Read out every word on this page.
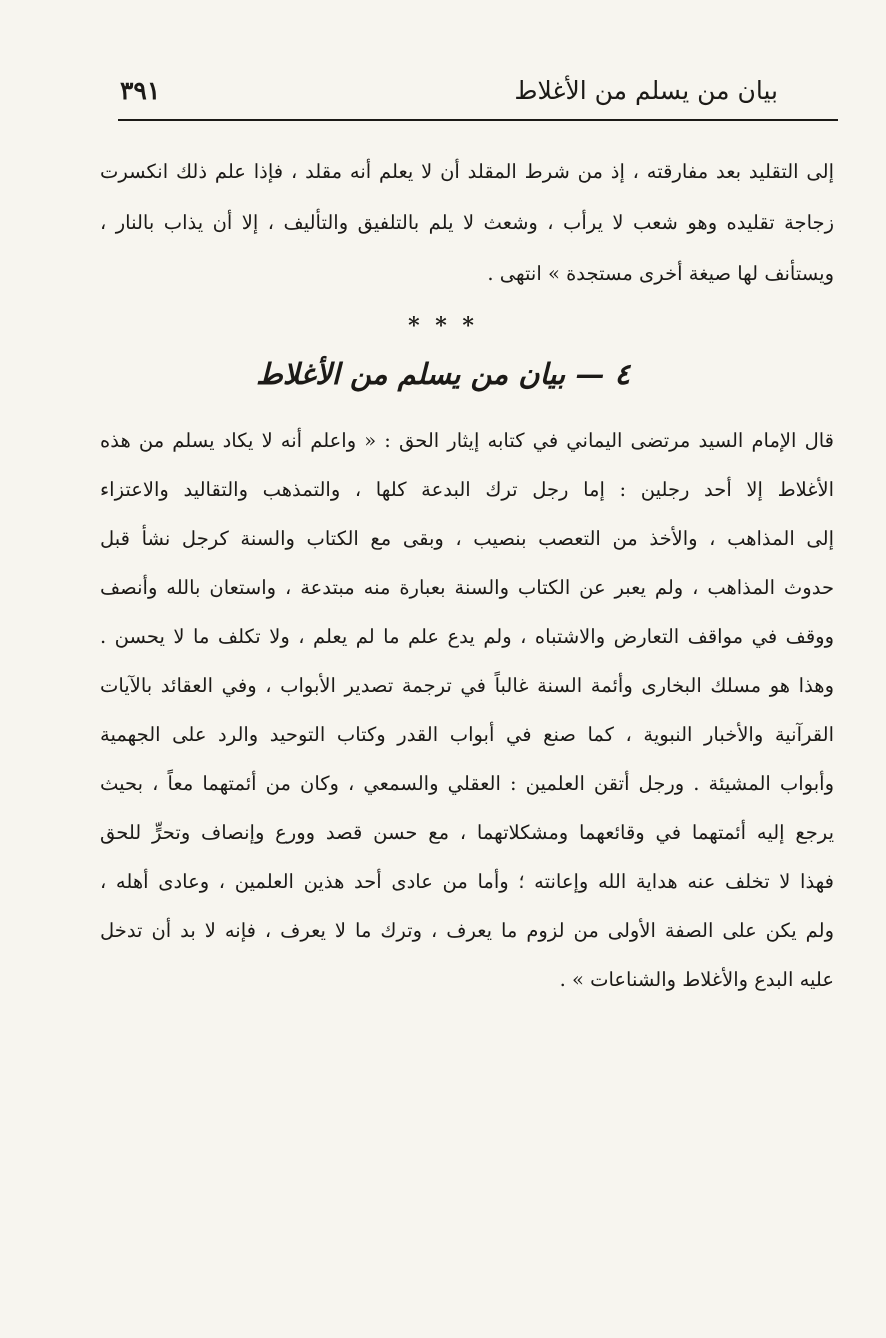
بيان من يسلم من الأغلاط
٣٩١
إلى التقليد بعد مفارقته ، إذ من شرط المقلد أن لا يعلم أنه مقلد ، فإذا علم ذلك انكسرت
زجاجة تقليده وهو شعب لا يرأب ، وشعث لا يلم بالتلفيق والتأليف ، إلا أن يذاب بالنار ،
ويستأنف لها صيغة أخرى مستجدة » انتهى .
* * *
٤ — بيان من يسلم من الأغلاط
قال الإمام السيد مرتضى اليماني في كتابه إيثار الحق : « واعلم أنه لا يكاد يسلم من هذه
الأغلاط إلا أحد رجلين : إما رجل ترك البدعة كلها ، والتمذهب والتقاليد والاعتزاء
إلى المذاهب ، والأخذ من التعصب بنصيب ، وبقى مع الكتاب والسنة كرجل نشأ قبل
حدوث المذاهب ، ولم يعبر عن الكتاب والسنة بعبارة منه مبتدعة ، واستعان بالله وأنصف
ووقف في مواقف التعارض والاشتباه ، ولم يدع علم ما لم يعلم ، ولا تكلف ما لا يحسن .
وهذا هو مسلك البخارى وأئمة السنة غالباً في ترجمة تصدير الأبواب ، وفي العقائد بالآيات
القرآنية والأخبار النبوية ، كما صنع في أبواب القدر وكتاب التوحيد والرد على الجهمية
وأبواب المشيئة . ورجل أتقن العلمين : العقلي والسمعي ، وكان من أئمتهما معاً ، بحيث
يرجع إليه أئمتهما في وقائعهما ومشكلاتهما ، مع حسن قصد وورع وإنصاف وتحرٍّ للحق
فهذا لا تخلف عنه هداية الله وإعانته ؛ وأما من عادى أحد هذين العلمين ، وعادى أهله ،
ولم يكن على الصفة الأولى من لزوم ما يعرف ، وترك ما لا يعرف ، فإنه لا بد أن تدخل
عليه البدع والأغلاط والشناعات » .
